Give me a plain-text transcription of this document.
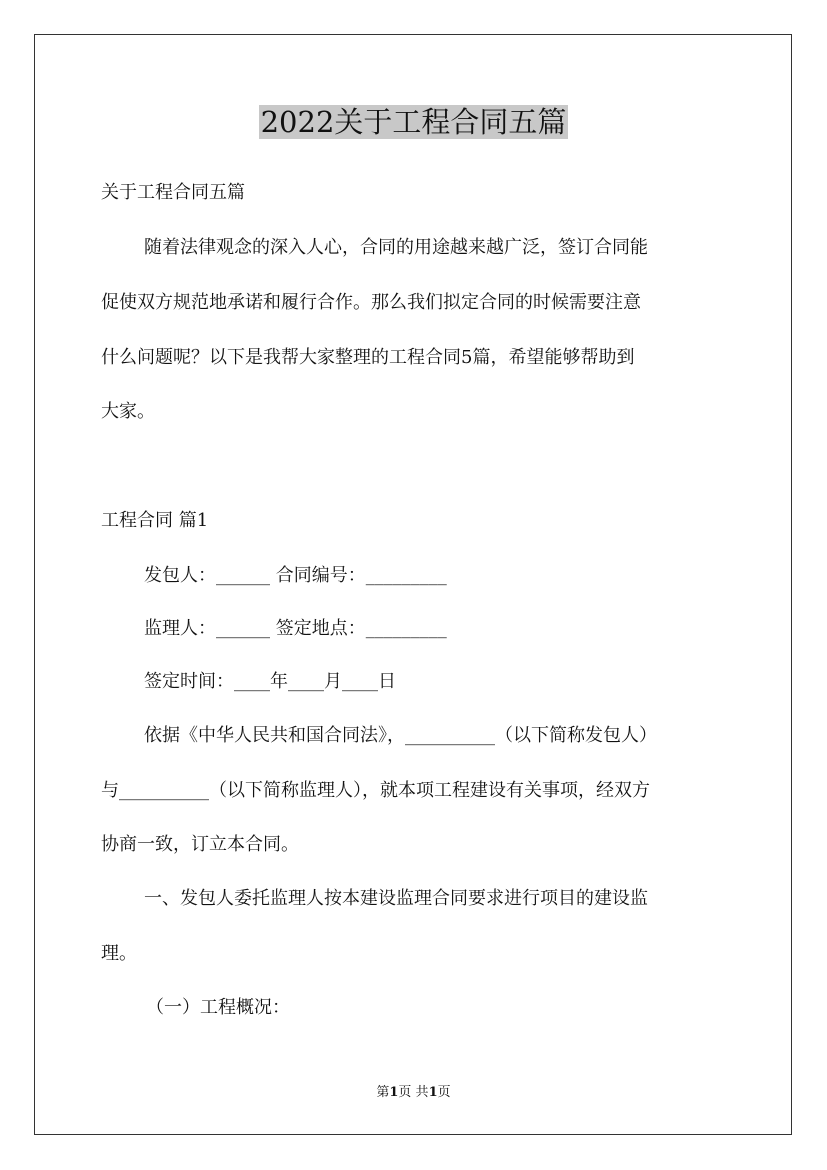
2022关于工程合同五篇
关于工程合同五篇
随着法律观念的深入人心，合同的用途越来越广泛，签订合同能
促使双方规范地承诺和履行合作。那么我们拟定合同的时候需要注意
什么问题呢？以下是我帮大家整理的工程合同5篇，希望能够帮助到
大家。
工程合同 篇1
发包人：______ 合同编号：_________
监理人：______ 签定地点：_________
签定时间：____年____月____日
依据《中华人民共和国合同法》，__________（以下简称发包人）
与__________（以下简称监理人），就本项工程建设有关事项，经双方
协商一致，订立本合同。
一、发包人委托监理人按本建设监理合同要求进行项目的建设监
理。
（一）工程概况：
第1页 共1页
